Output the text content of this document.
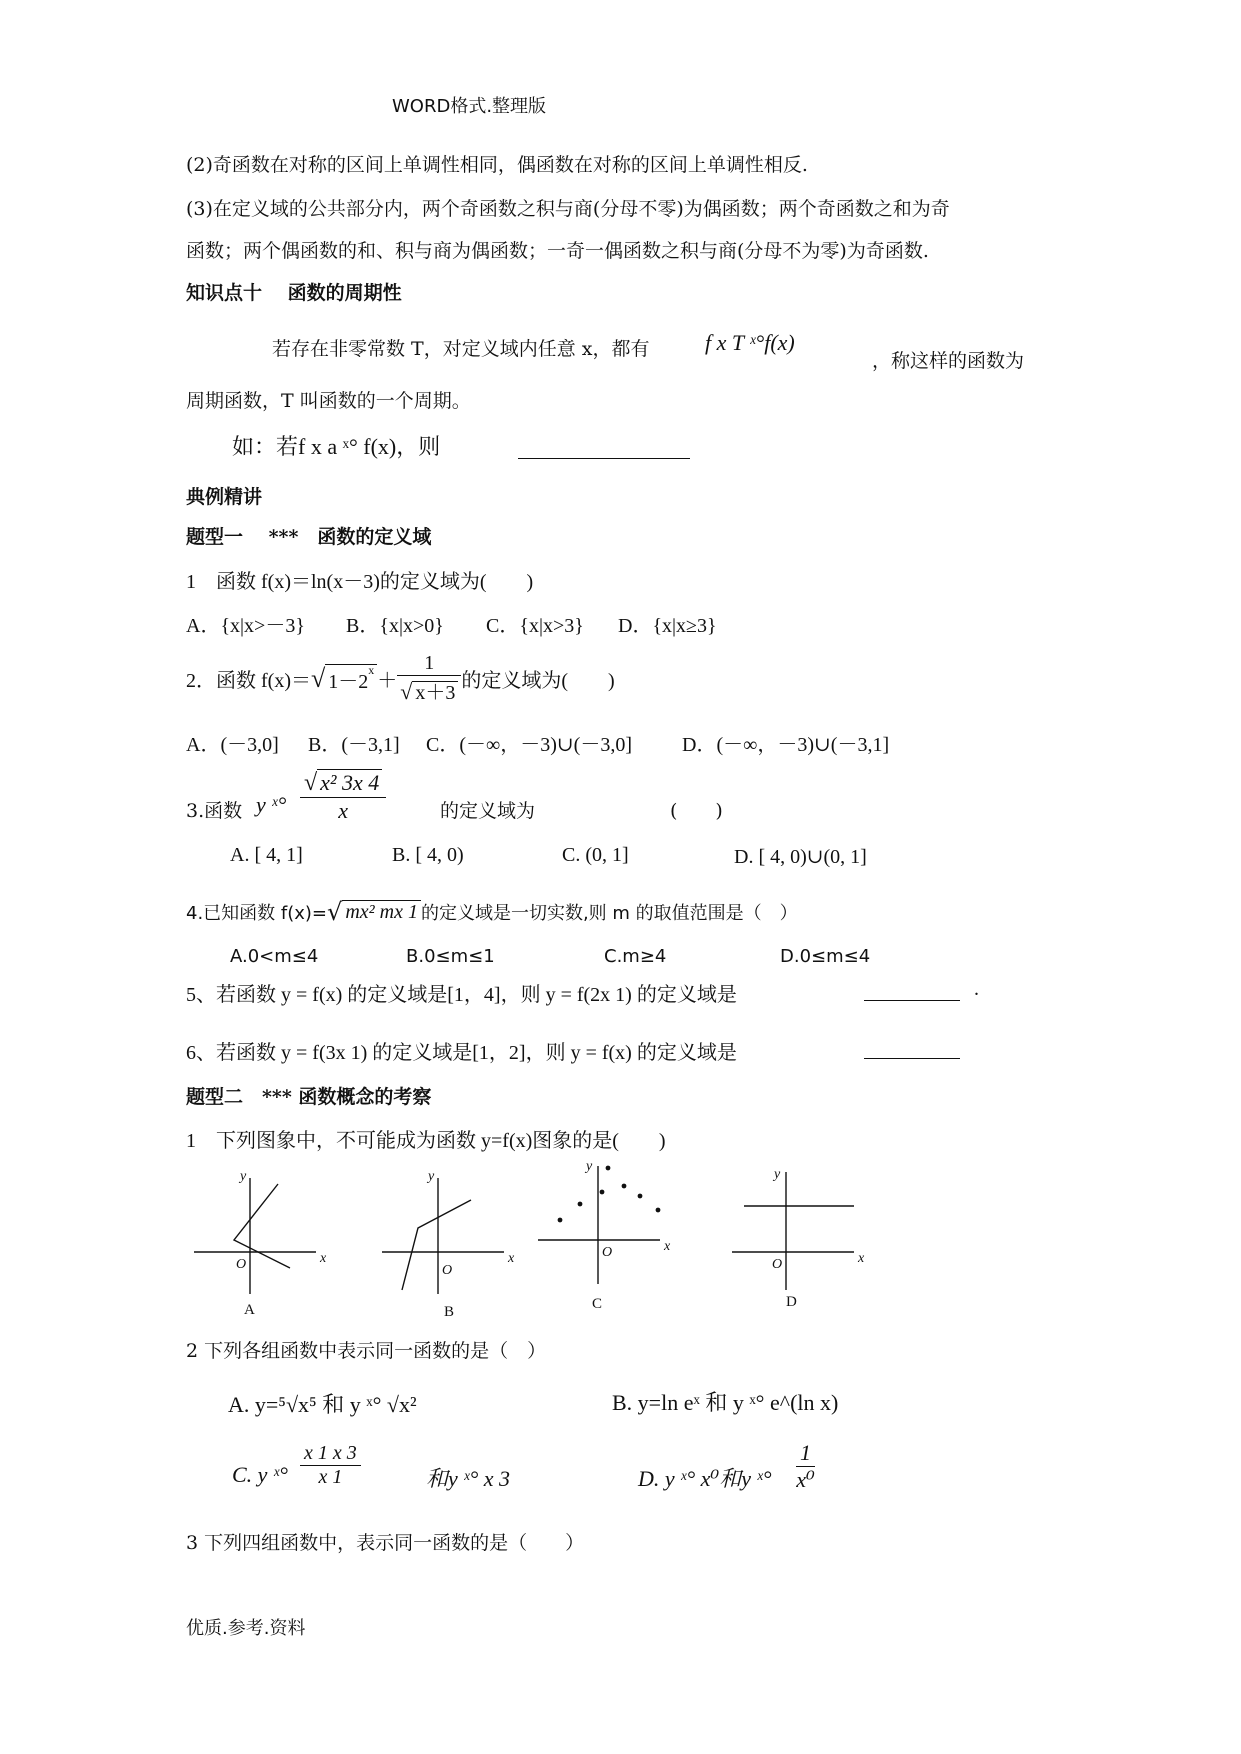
WORD格式.整理版
(2)奇函数在对称的区间上单调性相同，偶函数在对称的区间上单调性相反.
(3)在定义域的公共部分内，两个奇函数之积与商(分母不零)为偶函数；两个奇函数之和为奇
函数；两个偶函数的和、积与商为偶函数；一奇一偶函数之积与商(分母不为零)为奇函数.
知识点十　 函数的周期性
若存在非零常数 T，对定义域内任意 x，都有	f x T ˣ°f(x)
，称这样的函数为
周期函数，T 叫函数的一个周期。
如：若f x a ˣ° f(x)，则
典例精讲
题型一　 ***　函数的定义域
1　函数 f(x)＝ln(x－3)的定义域为(　　)
A．{x|x>－3} B．{x|x>0} C．{x|x>3} D．{x|x≥3}
2．函数 f(x)＝ √ $1-2^x$
＋ $\frac{1}{√ x+3}$ 的定义域为(　　)
A．(－3,0] B．(－3,1] C．(－∞，－3)∪(－3,0]	D．(－∞，－3)∪(－3,1]
3.函数 y ˣ°
√ x² 3x 4
x	的定义域为	(　　)
A. [ 4, 1]	B. [ 4, 0)	C. (0, 1]	D. [ 4, 0)∪(0, 1]
4.已知函数 f(x)= √ mx² mx 1 的定义域是一切实数,则 m 的取值范围是（　）
A.0<m≤4	B.0≤m≤1	C.m≥4	D.0≤m≤4
5、若函数 y = f(x) 的定义域是[1，4]，则 y = f(2x 1) 的定义域是	.
6、若函数 y = f(3x 1) 的定义域是[1，2]，则 y = f(x) 的定义域是
题型二　*** 函数概念的考察
1　下列图象中，不可能成为函数 y=f(x)图象的是(　　)
y
x
O
y
x
O
y
x
O
y
x
O
A	B	C	D
2 下列各组函数中表示同一函数的是（　）
A. y=⁵√x⁵ 和 y ˣ° √x²	B. y=ln eˣ 和 y ˣ° e^(ln x)
C. y ˣ° $\frac{x 1 x 3}{x 1}$	和y ˣ° x 3	D. y ˣ° x⁰和y ˣ° $\frac{1}{\text{x⁰}}$
3 下列四组函数中，表示同一函数的是（　　）
优质.参考.资料
